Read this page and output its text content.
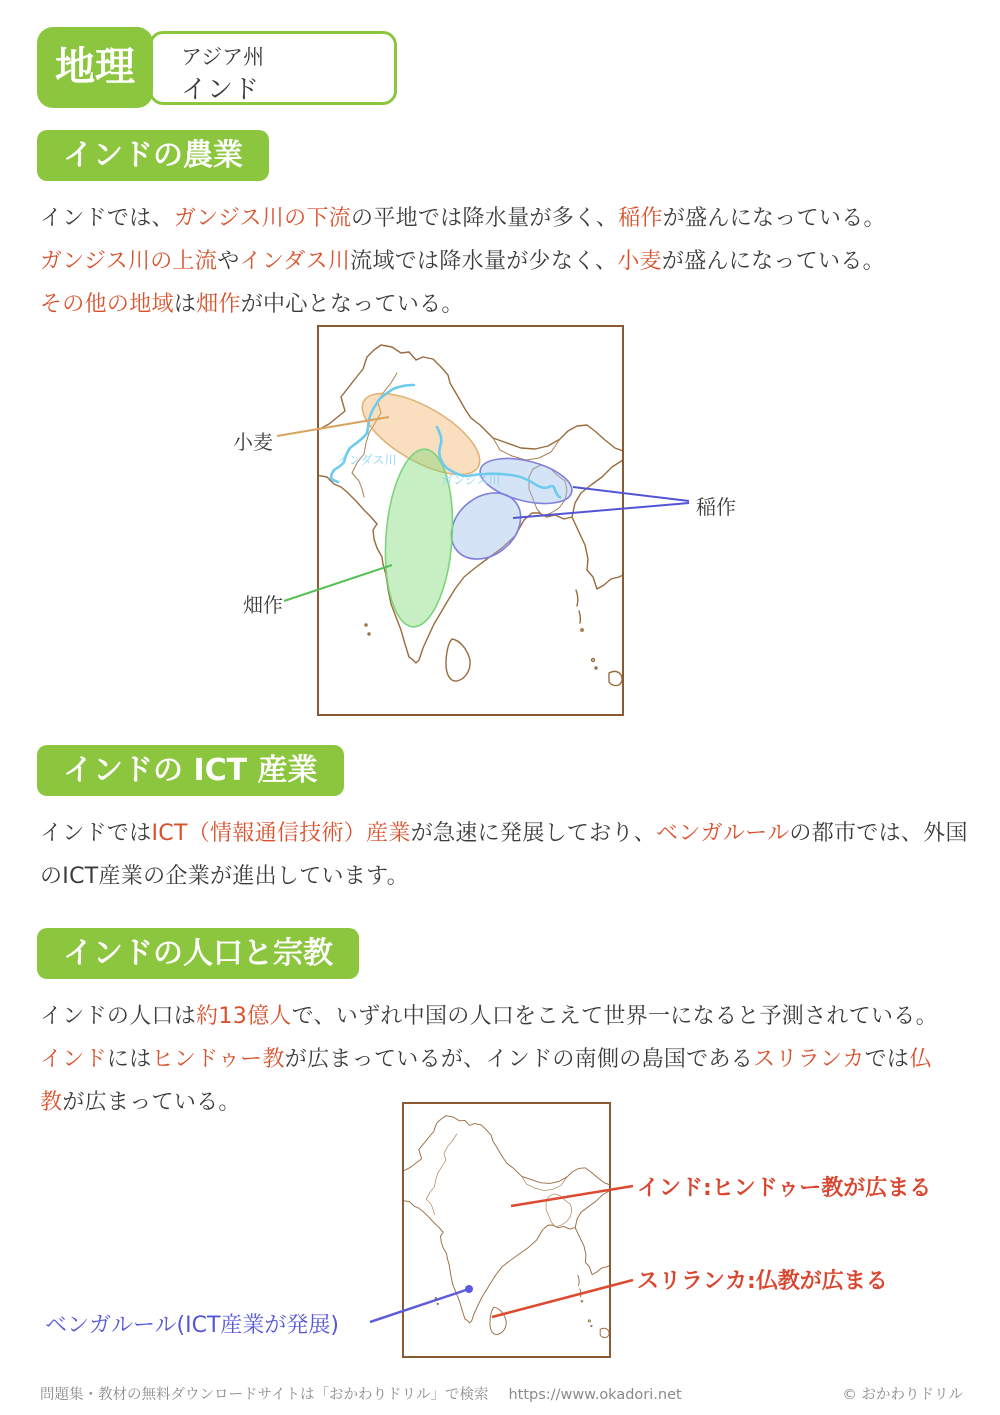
地理	アジア州
インド
インドの農業
インドでは、ガンジス川の下流の平地では降水量が多く、稲作が盛んになっている。
ガンジス川の上流やインダス川流域では降水量が少なく、小麦が盛んになっている。
その他の地域は畑作が中心となっている。
インダス川
ガンジス川
小麦
畑作
稲作
インドの ICT 産業
インドではICT（情報通信技術）産業が急速に発展しており、ベンガルールの都市では、外国
のICT産業の企業が進出しています。
インドの人口と宗教
インドの人口は約13億人で、いずれ中国の人口をこえて世界一になると予測されている。
インドにはヒンドゥー教が広まっているが、インドの南側の島国であるスリランカでは仏
教が広まっている。
インド:ヒンドゥー教が広まる
スリランカ:仏教が広まる
ベンガルール(ICT産業が発展)
問題集・教材の無料ダウンロードサイトは「おかわりドリル」で検索 https://www.okadori.net	© おかわりドリル
